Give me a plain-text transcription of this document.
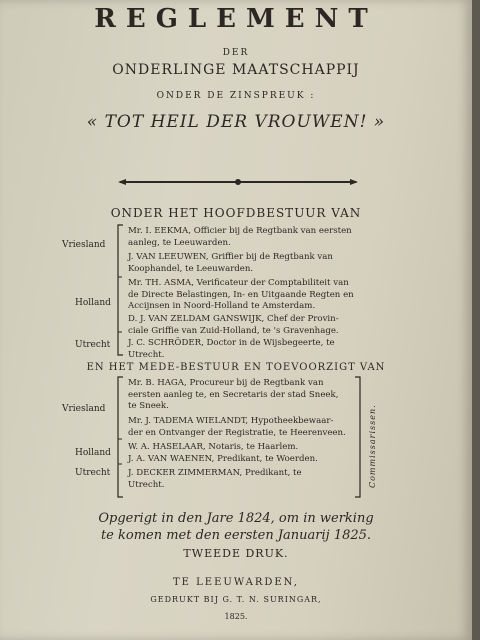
REGLEMENT
DER
ONDERLINGE MAATSCHAPPIJ
ONDER DE ZINSPREUK :
« TOT HEIL DER VROUWEN! »
ONDER HET HOOFDBESTUUR VAN
Vriesland
Holland
Utrecht
Mr. I. EEKMA, Officier bij de Regtbank van eersten
aanleg, te Leeuwarden.
J. VAN LEEUWEN, Griffier bij de Regtbank van
Koophandel, te Leeuwarden.
Mr. TH. ASMA, Verificateur der Comptabiliteit van
de Directe Belastingen, In- en Uitgaande Regten en
Accijnsen in Noord-Holland te Amsterdam.
D. J. VAN ZELDAM GANSWIJK, Chef der Provin-
ciale Griffie van Zuid-Holland, te 's Gravenhage.
J. C. SCHRÖDER, Doctor in de Wijsbegeerte, te
Utrecht.
EN HET MEDE-BESTUUR EN TOEVOORZIGT VAN
Vriesland
Holland
Utrecht
Mr. B. HAGA, Procureur bij de Regtbank van
eersten aanleg te, en Secretaris der stad Sneek,
te Sneek.
Mr. J. TADEMA WIELANDT, Hypotheekbewaar-
der en Ontvanger der Registratie, te Heerenveen.
W. A. HASELAAR, Notaris, te Haarlem.
J. A. VAN WAENEN, Predikant, te Woerden.
J. DECKER ZIMMERMAN, Predikant, te
Utrecht.	Commissarissen.
Opgerigt in den Jare 1824, om in werking
te komen met den eersten Januarij 1825.
TWEEDE DRUK.
TE LEEUWARDEN,
GEDRUKT BIJ G. T. N. SURINGAR,
1825.
